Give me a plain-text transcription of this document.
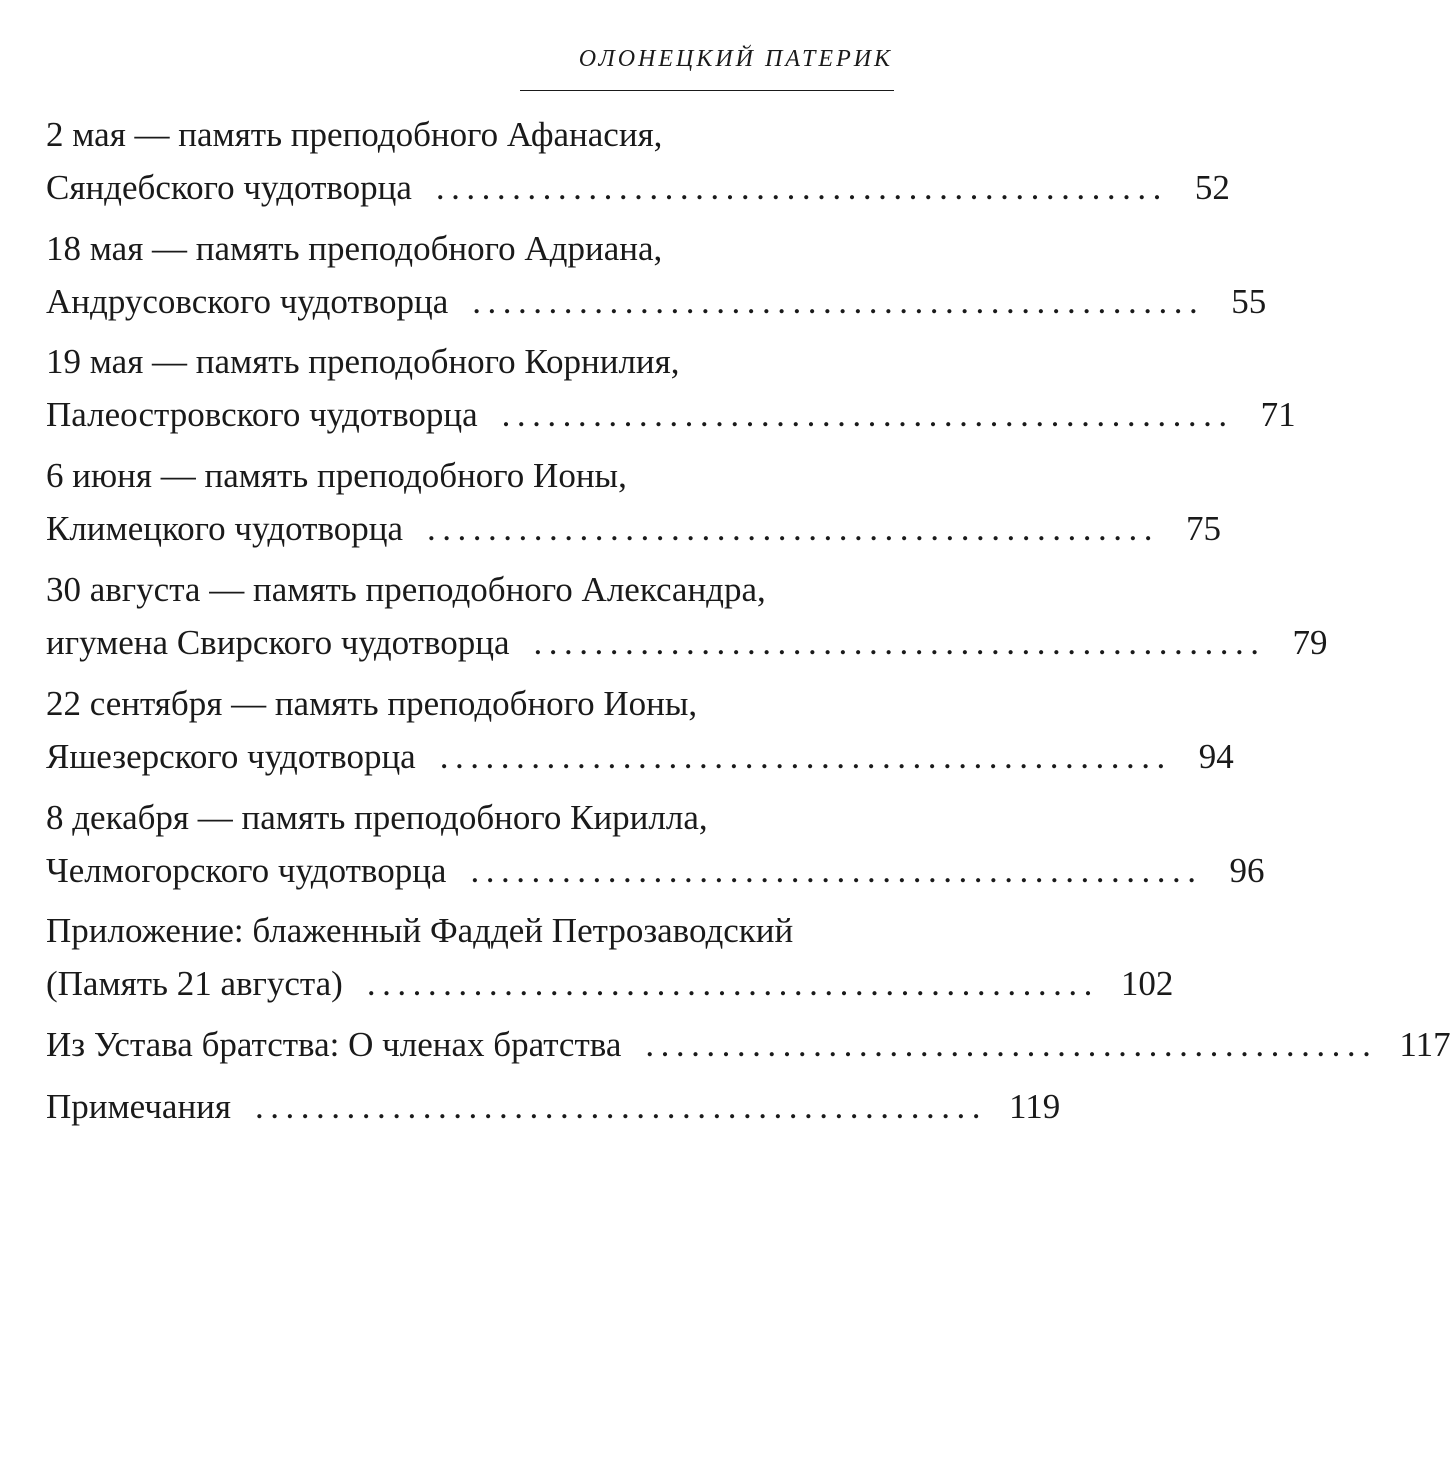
ОЛОНЕЦКИЙ ПАТЕРИК
2 мая — память преподобного Афанасия,
Сяндебского чудотворца ................................................ 52
18 мая — память преподобного Адриана,
Андрусовского чудотворца ................................................ 55
19 мая — память преподобного Корнилия,
Палеостровского чудотворца ................................................ 71
6 июня — память преподобного Ионы,
Климецкого чудотворца ................................................ 75
30 августа — память преподобного Александра,
игумена Свирского чудотворца ................................................ 79
22 сентября — память преподобного Ионы,
Яшезерского чудотворца ................................................ 94
8 декабря — память преподобного Кирилла,
Челмогорского чудотворца ................................................ 96
Приложение: блаженный Фаддей Петрозаводский
(Память 21 августа) ................................................ 102
Из Устава братства: О членах братства ................................................ 117
Примечания ................................................ 119
